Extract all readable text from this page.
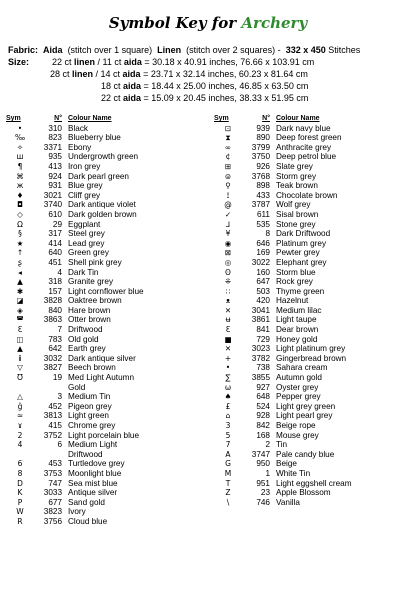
Symbol Key for Archery
Fabric: Aida (stitch over 1 square) Linen (stitch over 2 squares) - 332 x 450 Stitches
Size:	22 ct linen / 11 ct aida = 30.18 x 40.91 inches, 76.66 x 103.91 cm
28 ct linen / 14 ct aida = 23.71 x 32.14 inches, 60.23 x 81.64 cm
18 ct aida = 18.44 x 25.00 inches, 46.85 x 63.50 cm
22 ct aida = 15.09 x 20.45 inches, 38.33 x 51.95 cm
Sym	N°	Colour Name
•	310	Black
‰	823	Blueberry blue
✧	3371	Ebony
ш	935	Undergrowth green
¶	413	Iron grey
⌘	924	Dark pearl green
ж	931	Blue grey
♦	3021	Cliff grey
◘	3740	Dark antique violet
◇	610	Dark golden brown
Ω	29	Eggplant
§	317	Steel grey
★	414	Lead grey
↑	640	Green grey
ʂ	451	Shell pink grey
◂	4	Dark Tin
▲	318	Granite grey
✱	157	Light cornflower blue
◪	3828	Oaktree brown
◈	840	Hare brown
◚	3863	Otter brown
Ɛ	7	Driftwood
◫	783	Old gold
▲	642	Earth grey
ⅱ	3032	Dark antique silver
▽	3827	Beech brown
Ʊ	19	Med Light Autumn
		Gold

△	3	Medium Tin
ğ	452	Pigeon grey
≈	3813	Light green
ɤ	415	Chrome grey
2	3752	Light porcelain blue
4	6	Medium Light
		Driftwood
6	453	Turtledove grey
8	3753	Moonlight blue
D	747	Sea mist blue
K	3033	Antique silver
P	677	Sand gold
W	3823	Ivory
R	3756	Cloud blue
Sym	N°	Colour Name
⊡	939	Dark navy blue
⧗	890	Deep forest green
∞	3799	Anthracite grey
¢	3750	Deep petrol blue
⊞	926	Slate grey
⊜	3768	Storm grey
⚲	898	Teak brown
⟟	433	Chocolate brown
@	3787	Wolf grey
✓	611	Sisal brown
⅃	535	Stone grey
¥	8	Dark Driftwood
◉	646	Platinum grey
⊠	169	Pewter grey
◎	3022	Elephant grey
ʘ	160	Storm blue
⁜	647	Rock grey
∷	503	Thyme green
ᴥ	420	Hazelnut
✕	3041	Medium lilac
ʉ	3861	Light taupe
Ɛ	841	Dear brown
■	729	Honey gold
✕	3023	Light platinum grey
+	3782	Gingerbread brown
•	738	Sahara cream
∑	3855	Autumn gold

ω	927	Oyster grey
♠	648	Pepper grey
£	524	Light grey green
⌂	928	Light pearl grey
3	842	Beige rope
5	168	Mouse grey

7	2	Tin
A	3747	Pale candy blue
G	950	Beige
M	1	White Tin
T	951	Light eggshell cream
Z	23	Apple Blossom
\	746	Vanilla
